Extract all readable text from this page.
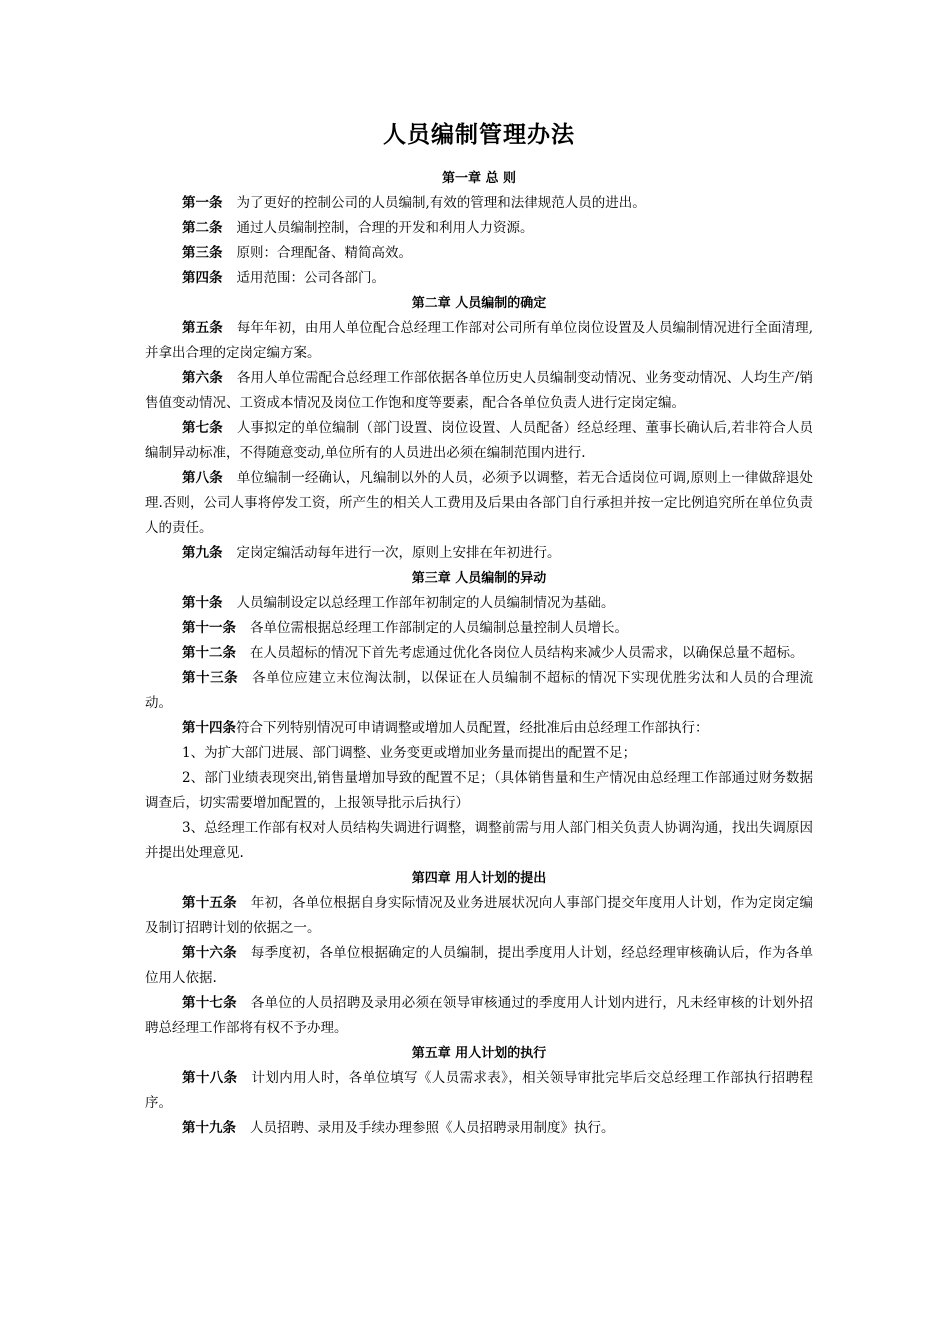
人员编制管理办法
第一章 总 则

第一条 为了更好的控制公司的人员编制,有效的管理和法律规范人员的进出。

第二条 通过人员编制控制，合理的开发和利用人力资源。

第三条 原则：合理配备、精简高效。

第四条 适用范围：公司各部门。

第二章 人员编制的确定

第五条 每年年初，由用人单位配合总经理工作部对公司所有单位岗位设置及人员编制情况进行全面清理,并拿出合理的定岗定编方案。

第六条 各用人单位需配合总经理工作部依据各单位历史人员编制变动情况、业务变动情况、人均生产/销售值变动情况、工资成本情况及岗位工作饱和度等要素，配合各单位负责人进行定岗定编。

第七条 人事拟定的单位编制（部门设置、岗位设置、人员配备）经总经理、董事长确认后,若非符合人员编制异动标准，不得随意变动,单位所有的人员进出必须在编制范围内进行.

第八条 单位编制一经确认，凡编制以外的人员，必须予以调整，若无合适岗位可调,原则上一律做辞退处理.否则，公司人事将停发工资，所产生的相关人工费用及后果由各部门自行承担并按一定比例追究所在单位负责人的责任。

第九条 定岗定编活动每年进行一次，原则上安排在年初进行。

第三章 人员编制的异动

第十条 人员编制设定以总经理工作部年初制定的人员编制情况为基础。

第十一条 各单位需根据总经理工作部制定的人员编制总量控制人员增长。

第十二条 在人员超标的情况下首先考虑通过优化各岗位人员结构来减少人员需求，以确保总量不超标。

第十三条 各单位应建立末位淘汰制，以保证在人员编制不超标的情况下实现优胜劣汰和人员的合理流动。

第十四条符合下列特别情况可申请调整或增加人员配置，经批准后由总经理工作部执行：

1、为扩大部门进展、部门调整、业务变更或增加业务量而提出的配置不足；

2、部门业绩表现突出,销售量增加导致的配置不足；（具体销售量和生产情况由总经理工作部通过财务数据调查后，切实需要增加配置的，上报领导批示后执行）

3、总经理工作部有权对人员结构失调进行调整，调整前需与用人部门相关负责人协调沟通，找出失调原因并提出处理意见.

第四章 用人计划的提出

第十五条 年初，各单位根据自身实际情况及业务进展状况向人事部门提交年度用人计划，作为定岗定编及制订招聘计划的依据之一。

第十六条 每季度初，各单位根据确定的人员编制，提出季度用人计划，经总经理审核确认后，作为各单位用人依据.

第十七条 各单位的人员招聘及录用必须在领导审核通过的季度用人计划内进行，凡未经审核的计划外招聘总经理工作部将有权不予办理。

第五章 用人计划的执行

第十八条 计划内用人时，各单位填写《人员需求表》，相关领导审批完毕后交总经理工作部执行招聘程序。

第十九条 人员招聘、录用及手续办理参照《人员招聘录用制度》执行。
